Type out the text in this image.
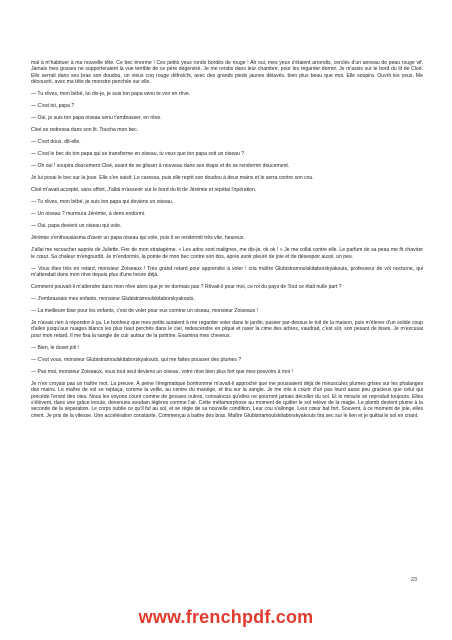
mal à m'habituer à ma nouvelle tête. Ce bec énorme ! Ces petits yeux ronds bordés de rouge ! Ah oui, mes yeux s'étaient arrondis, cerclés d'un anneau de peau rouge vif. Jamais mes gosses ne supporteraient la vue terrible de ce père dégénéré. Je me rendis dans leur chambre, pour les regarder dormir. Je m'assis sur le bord du lit de Cloé. Elle serrait dans ses bras son doudou, un vieux coq rouge défraîchi, avec des grands pieds jaunes délavés, bien plus beau que moi. Elle soupira. Ouvrit les yeux. Me découvrit, avec ma tête de monstre penchée sur elle.

— Tu rêves, mon bébé, lui dis-je, je suis ton papa venu te voir en rêve.

— C'est toi, papa ?

— Oui, je suis ton papa oiseau venu t'embrasser, en rêve.

Cloé se redressa dans son lit. Toucha mon bec.

— C'est doux, dit-elle.

— C'est le bec de ton papa qui se transforme en oiseau, tu veux que ton papa soit un oiseau ?

— Oh oui ! soupira doucement Cloé, avant de se glisser à nouveau dans ses draps et de se rendormir doucement.

Je lui posai le bec sur la joue. Elle s'en saisit. Le caressa, puis elle reprit son doudou à deux mains et le serra contre son cou.

Cloé m'avait accepté, sans effort. J'allai m'asseoir sur le bord du lit de Jérémie et répétai l'opération.

— Tu rêves, mon bébé, je suis ton papa qui deviens un oiseau.

— Un oiseau ? murmura Jérémie, à demi endormi.

— Oui, papa devient un oiseau qui vole.

Jérémie s'enthousiasma d'avoir un papa oiseau qui vole, puis il se rendormit très vite, heureux.

J'allai me recoucher auprès de Juliette. Fier de mon stratagème. « Les ados sont malignes, me dis-je, ok ok ! » Je me collai contre elle. Le parfum de sa peau me fit chavirer le cœur. Sa chaleur m'engourdit. Je m'endormis, la pointe de mon bec contre son dos, après avoir pleuré de joie et de désespoir aussi, un peu.

— Vous êtes très en retard, monsieur Zoiseaux ! Très grand retard pour apprendre à voler ! cria maître Glubistramoulskitaborskyakouts, professeur de vol nocturne, qui m'attendait dans mon rêve depuis plus d'une heure déjà.

Comment pouvait-il m'attendre dans mon rêve alors que je ne dormais pas ? Rêvait-il pour moi, ce roi du pays de Tout ce était nulle part ?

— J'embrassais mes enfants, monsieur Glubistramoulskitaborskyakouts.

— La meilleure bise pour les enfants, c'est de voler pour eux comme un oiseau, monsieur Zoiseaux !

Je n'avais rien à répondre à ça. Le bonheur que mes petits auraient à me regarder voler dans le jardin, passer par-dessus le toit de la maison, puis m'élever d'un solide coup d'ailes jusqu'aux nuages blancs les plus haut perchés dans le ciel, redescendre en piqué et raser la cime des arbres, vaudrait, c'est sûr, son pesant de bises. Je m'excusai pour mon retard. Il me fixa la sangle de cuir autour de la poitrine. Examina mes cheveux.

— Bien, le duvet joli !

— C'est vous, monsieur Glubistramoulskitaborskyakouts, qui me faites pousser des plumes ?

— Pas moi, monsieur Zoiseaux, vous tout seul deviens un oiseau, votre rêve bien plus fort que mes pouvoirs à moi !

Je n'en croyais pas un traître mot. La preuve. À peine l'énigmatique bonhomme m'avait-il approché que me poussaient déjà de minuscules plumes grises sur les phalanges des mains. Le maître de vol se replaça, comme la veille, au centre du manège, et tira sur la sangle. Je me mis à courir d'un pas lourd aussi peu gracieux que celui qui précède l'envol des oies. Nous les voyons courir comme de grosses outres, convaincus qu'elles ne pourront jamais décoller du sol. Et le miracle se reproduit toujours. Elles s'élèvent, dans une grâce inouïe, devenues soudain légères comme l'air. Cette métamorphose au moment de quitter le sol relève de la magie. Le plomb devient plume à la seconde de la séparation. Le corps oublie ce qu'il fut au sol, et se règle de sa nouvelle condition. Leur cou s'allonge. Leur cœur bat fort. Souvent, à ce moment de joie, elles crient. Je pris de la vitesse. Une accélération constante. Commençai à battre des bras. Maître Glubistramoulskitaborskyakouts tira sec sur le lien et je quittai le sol en criant.

23
www.frenchpdf.com
